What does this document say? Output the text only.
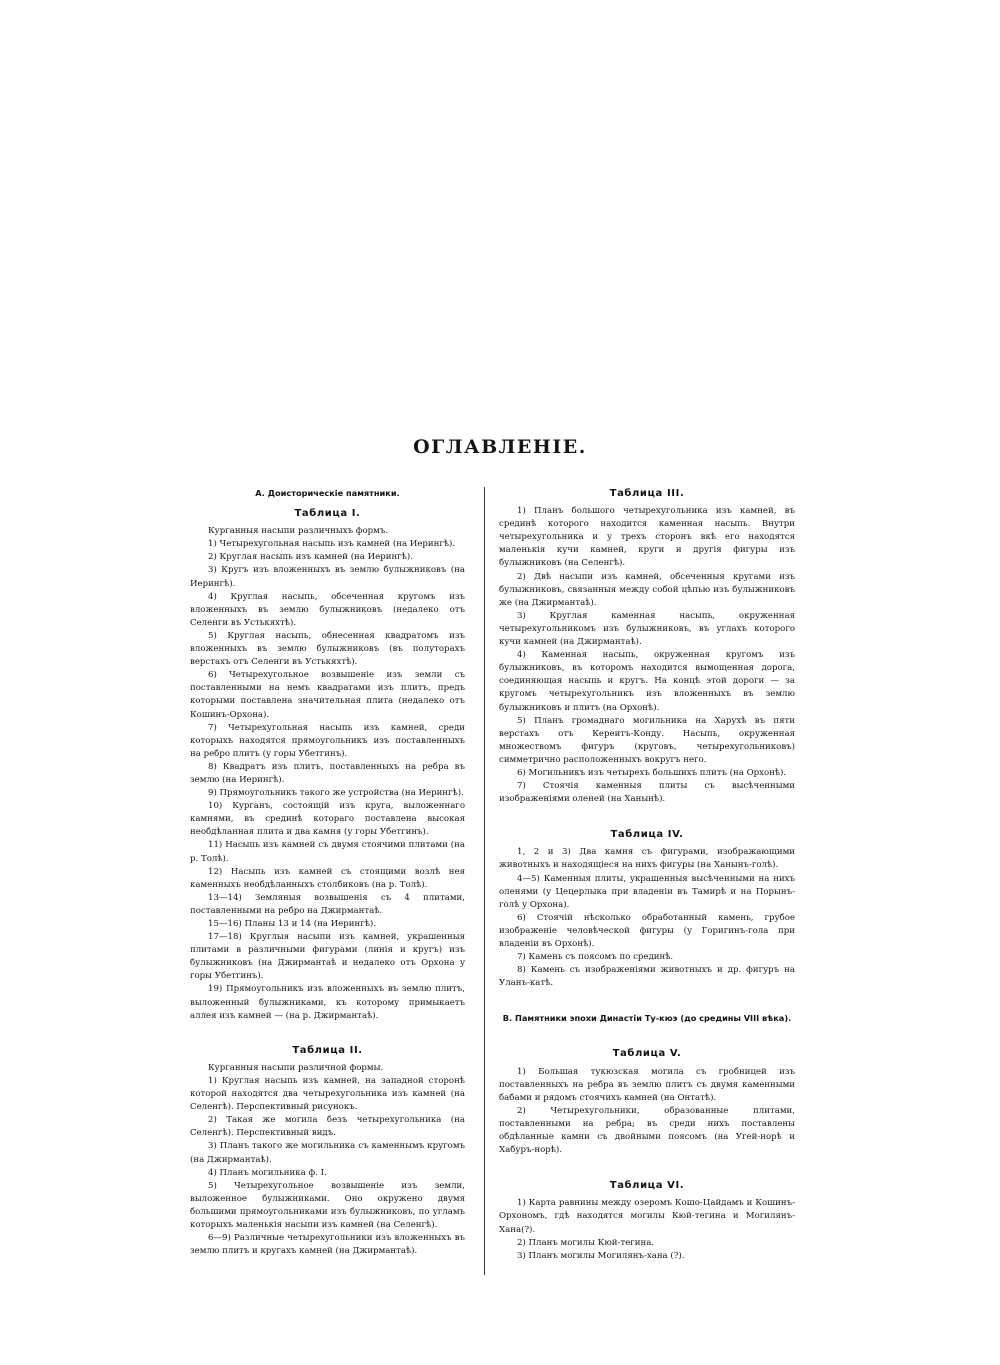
ОГЛАВЛЕНІЕ.
A. Доисторическіе памятники.
Таблица I.

Курганныя насыпи различныхъ формъ.

1) Четырехугольная насыпь изъ камней (на Иерингѣ).

2) Круглая насыпь изъ камней (на Иерингѣ).

3) Кругъ изъ вложенныхъ въ землю булыжниковъ (на Иерингѣ).

4) Круглая насыпь, обсеченная кругомъ изъ вложенныхъ въ землю булыжниковъ (недалеко отъ Селенги въ Устькяхтѣ).

5) Круглая насыпь, обнесенная квадратомъ изъ вложенныхъ въ землю булыжниковъ (въ полуторахъ верстахъ отъ Селенги въ Устькяхтѣ).

6) Четырехугольное возвышеніе изъ земли съ поставленными на немъ квадратами изъ плитъ, предъ которыми поставлена значительная плита (недалеко отъ Кошинъ-Орхона).

7) Четырехугольная насыпь изъ камней, среди которыхъ находятся прямоугольникъ изъ поставленныхъ на ребро плитъ (у горы Убетгинъ).

8) Квадратъ изъ плитъ, поставленныхъ на ребра въ землю (на Иерингѣ).

9) Прямоугольникъ такого же устройства (на Иерингѣ).

10) Курганъ, состоящій изъ круга, выложеннаго камнями, въ срединѣ котораго поставлена высокая необдѣланная плита и два камня (у горы Убетгинъ).

11) Насыпь изъ камней съ двумя стоячими плитами (на р. Толѣ).

12) Насыпь изъ камней съ стоящими возлѣ нея каменныхъ необдѣланныхъ столбиковъ (на р. Толѣ).

13—14) Земляныя возвышенія съ 4 плитами, поставленными на ребро на Джирмантаѣ.

15—16) Планы 13 и 14 (на Иерингѣ).

17—18) Круглыя насыпи изъ камней, украшенныя плитами в различными фигурами (линія и кругъ) изъ булыжниковъ (на Джирмантаѣ и недалеко отъ Орхона у горы Убетгинъ).

19) Прямоугольникъ изъ вложенныхъ въ землю плитъ, выложенный булыжниками, къ которому примыкаетъ аллея изъ камней — (на р. Джирмантаѣ).

Таблица II.

Курганныя насыпи различной формы.

1) Круглая насыпь изъ камней, на западной сторонѣ которой находятся два четырехугольника изъ камней (на Селенгѣ). Перспективный рисунокъ.

2) Такая же могила безъ четырехугольника (на Селенгѣ). Перспективный видъ.

3) Планъ такого же могильника съ каменнымъ кругомъ (на Джирмантаѣ).

4) Планъ могильника ф. I.

5) Четырехугольное возвышеніе изъ земли, выложенное булыжниками. Оно окружено двумя большими прямоугольниками изъ булыжниковъ, по угламъ которыхъ маленькія насыпи изъ камней (на Селенгѣ).

6—9) Различные четырехугольники изъ вложенныхъ въ землю плитъ и кругахъ камней (на Джирмантаѣ).

Таблица III.

1) Планъ большого четырехугольника изъ камней, въ срединѣ которого находится каменная насыпь. Внутри четырехугольника и у трехъ сторонъ вкѣ его находятся маленькія кучи камней, круги и другія фигуры изъ булыжниковъ (на Селенгѣ).

2) Двѣ насыпи изъ камней, обсеченныя кругами изъ булыжниковъ, связанныя между собой цѣпью изъ булыжниковъ же (на Джирмантаѣ).

3) Круглая каменная насыпь, окруженная четырехугольникомъ изъ булыжниковъ, въ углахъ которого кучи камней (на Джирмантаѣ).

4) Каменная насыпь, окруженная кругомъ изъ булыжниковъ, въ которомъ находится вымощенная дорога, соединяющая насыпь и кругъ. На концѣ этой дороги — за кругомъ четырехугольникъ изъ вложенныхъ въ землю булыжниковъ и плитъ (на Орхонѣ).

5) Планъ громаднаго могильника на Харухѣ въ пяти верстахъ отъ Кереитъ-Конду. Насыпь, окруженная множествомъ фигуръ (круговъ, четырехугольниковъ) симметрично расположенныхъ вокругъ него.

6) Могильникъ изъ четырехъ большихъ плитъ (на Орхонѣ).

7) Стоячія каменныя плиты съ высѣченными изображеніями оленей (на Ханынѣ).

Таблица IV.

1, 2 и 3) Два камня съ фигурами, изображающими животныхъ и находящіеся на нихъ фигуры (на Ханынъ-голѣ).

4—5) Каменныя плиты, украшенныя высѣченными на нихъ оленями (у Цецерлыка при владеніи въ Тамирѣ и на Порынъ-голѣ у Орхона).

6) Стоячій нѣсколько обработанный камень, грубое изображеніе человѣческой фигуры (у Горигинъ-гола при владеніи въ Орхонѣ).

7) Камень съ поясомъ по срединѣ.

8) Камень съ изображеніями животныхъ и др. фигуръ на Уланъ-катѣ.

B. Памятники эпохи Династіи Ту-кюэ (до средины VIII вѣка).
Таблица V.

1) Большая тукюзская могила съ гробницей изъ поставленныхъ на ребра въ землю плитъ съ двумя каменными бабами и рядомъ стоячихъ камней (на Онтатѣ).

2) Четырехугольники, образованные плитами, поставленными на ребра; въ среди нихъ поставлены обдѣланные камни съ двойными поясомъ (на Угей-норѣ и Хабуръ-норѣ).

Таблица VI.

1) Карта равнины между озеромъ Кошо-Цайдамъ и Кошинъ-Орхономъ, гдѣ находятся могилы Кюй-тегина и Могилянъ-Хана(?).

2) Планъ могилы Кюй-тегина.

3) Планъ могилы Могилянъ-хана (?).
